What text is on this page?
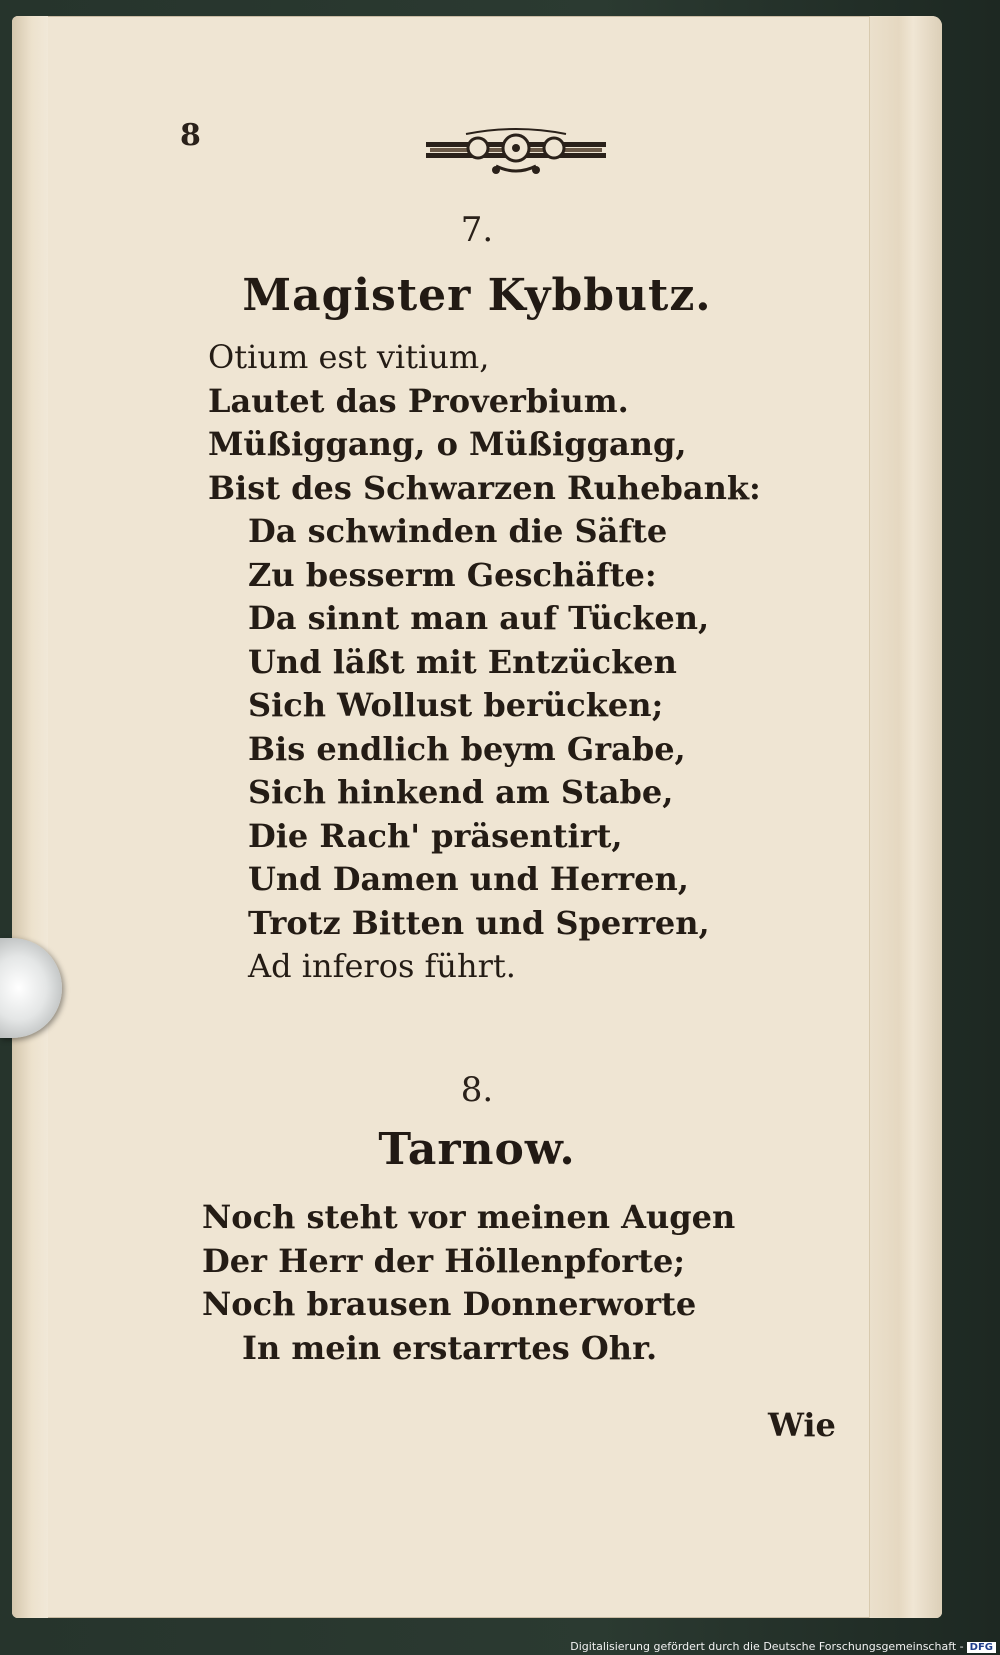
8
7.
Magister Kybbutz.
Otium est vitium,
Lautet das Proverbium.
Müßiggang, o Müßiggang,
Bist des Schwarzen Ruhebank:
Da schwinden die Säfte
Zu besserm Geschäfte:
Da sinnt man auf Tücken,
Und läßt mit Entzücken
Sich Wollust berücken;
Bis endlich beym Grabe,
Sich hinkend am Stabe,
Die Rach' präsentirt,
Und Damen und Herren,
Trotz Bitten und Sperren,
Ad inferos führt.
8.
Tarnow.
Noch steht vor meinen Augen
Der Herr der Höllenpforte;
Noch brausen Donnerworte
In mein erstarrtes Ohr.
Wie
Digitalisierung gefördert durch die Deutsche Forschungsgemeinschaft - DFG
